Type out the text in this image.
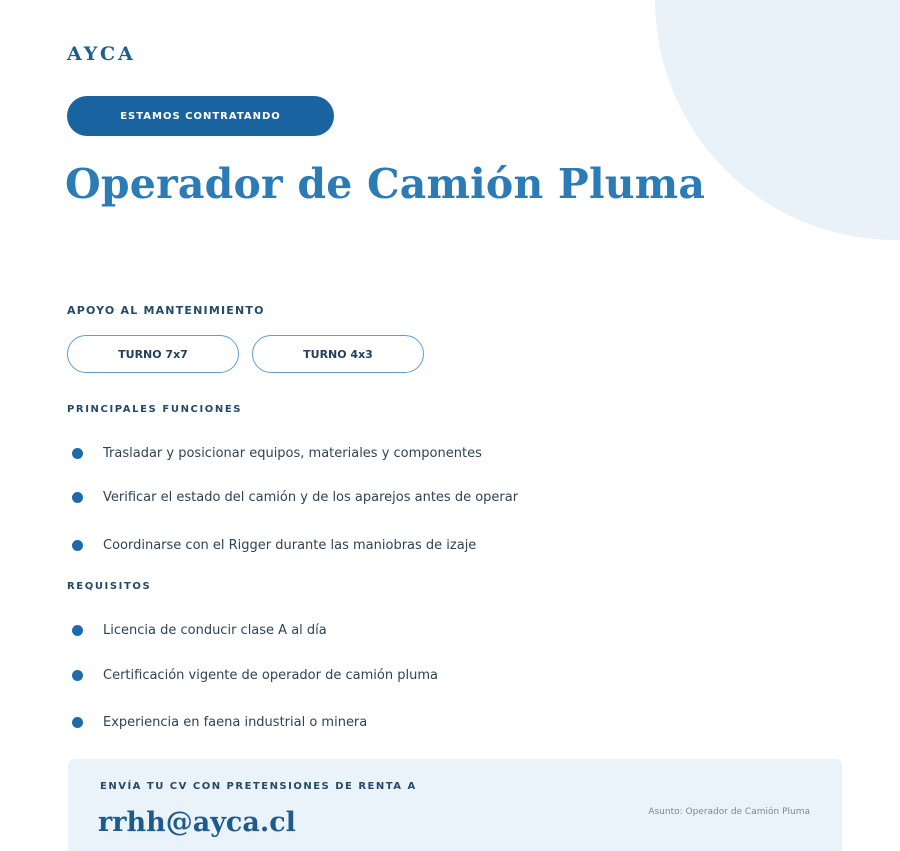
AYCA
ESTAMOS CONTRATANDO
Operador de Camión Pluma
APOYO AL MANTENIMIENTO
TURNO 7x7	TURNO 4x3
PRINCIPALES FUNCIONES
Trasladar y posicionar equipos, materiales y componentes
Verificar el estado del camión y de los aparejos antes de operar
Coordinarse con el Rigger durante las maniobras de izaje
REQUISITOS
Licencia de conducir clase A al día
Certificación vigente de operador de camión pluma
Experiencia en faena industrial o minera
ENVÍA TU CV CON PRETENSIONES DE RENTA A
rrhh@ayca.cl	Asunto: Operador de Camión Pluma
